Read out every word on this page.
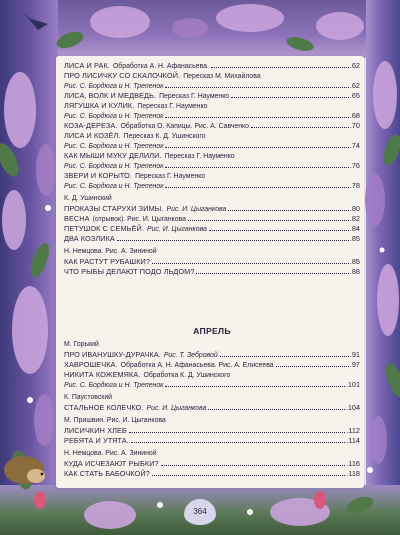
ЛИСА И РАК. Обработка А. Н. Афанасьева.	.62
ПРО ЛИСИЧКУ СО СКАЛОЧКОЙ. Пересказ М. Михайлова
Рис. С. Бордюга и Н. Трепенок	.62
ЛИСА, ВОЛК И МЕДВЕДЬ. Пересказ Г. Науменко	.65
ЛЯГУШКА И КУЛИК. Пересказ Г. Науменко
Рис. С. Бордюга и Н. Трепенок	.68
КОЗА-ДЕРЕЗА. Обработка О. Капицы. Рис. А. Савченко	.70
ЛИСА И КОЗЁЛ. Пересказ К. Д. Ушинского
Рис. С. Бордюга и Н. Трепенок	.74
КАК МЫШИ МУКУ ДЕЛИЛИ. Пересказ Г. Науменко
Рис. С. Бордюга и Н. Трепенок	.76
ЗВЕРИ И КОРЫТО. Пересказ Г. Науменко
Рис. С. Бордюга и Н. Трепенок	.78
К. Д. Ушинский
ПРОКАЗЫ СТАРУХИ ЗИМЫ. Рис. И. Цыганкова	.80
ВЕСНА (отрывок). Рис. И. Цыганкова	.82
ПЕТУШОК С СЕМЬЁЙ. Рис. И. Цыганкова	.84
ДВА КОЗЛИКА	.85
Н. Немцова. Рис. А. Зининой
КАК РАСТУТ РУБАШКИ?	.85
ЧТО РЫБЫ ДЕЛАЮТ ПОДО ЛЬДОМ?	.88
АПРЕЛЬ
М. Горький
ПРО ИВАНУШКУ-ДУРАЧКА. Рис. Т. Зебровой	.91
ХАВРОШЕЧКА. Обработка А. Н. Афанасьева. Рис. А. Елисеева	.97
НИКИТА КОЖЕМЯКА. Обработка К. Д. Ушинского
Рис. С. Бордюга и Н. Трепенок	.101
К. Паустовский
СТАЛЬНОЕ КОЛЕЧКО. Рис. И. Цыганкова	.104
М. Пришвин. Рис. И. Цыганкова
ЛИСИЧКИН ХЛЕБ	.112
РЕБЯТА И УТЯТА.	.114
Н. Немцова. Рис. А. Зининой
КУДА ИСЧЕЗАЮТ РЫБКИ?	.116
КАК СТАТЬ БАБОЧКОЙ?	.118
364
